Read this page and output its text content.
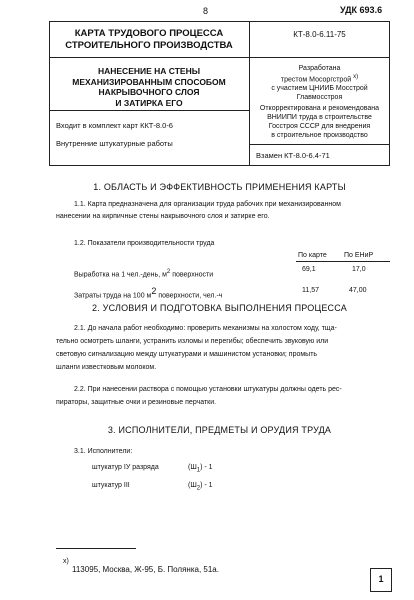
8	УДК 693.6
КАРТА ТРУДОВОГО ПРОЦЕССА
СТРОИТЕЛЬНОГО ПРОИЗВОДСТВА
КТ-8.0-6.11-75
НАНЕСЕНИЕ НА СТЕНЫ
МЕХАНИЗИРОВАННЫМ СПОСОБОМ
НАКРЫВОЧНОГО СЛОЯ
И ЗАТИРКА ЕГО
Разработана
трестом Мосоргстрой $^{х)}$
с участием ЦНИИБ Мосстрой
Главмосстроя
Входит в комплект карт ККТ-8.0-6
Внутренние штукатурные работы
Откорректирована и рекомендована
ВНИИПИ труда в строительстве
Госстроя СССР для внедрения
в строительное производство
Взамен КТ-8.0-6.4-71
1. ОБЛАСТЬ И ЭФФЕКТИВНОСТЬ ПРИМЕНЕНИЯ КАРТЫ
1.1. Карта предназначена для организации труда рабочих при механизированном
нанесении на кирпичные стены накрывочного слоя и затирке его.
1.2. Показатели производительности труда
По карте По ЕНиР
Выработка на 1 чел.-день, $м^2$ поверхности
69,1	17,0
Затраты труда на 100 $м^2$ поверхности, чел.-ч
11,57	47,00
2. УСЛОВИЯ И ПОДГОТОВКА ВЫПОЛНЕНИЯ ПРОЦЕССА
2.1. До начала работ необходимо: проверить механизмы на холостом ходу, тща-
тельно осмотреть шланги, устранить изломы и перегибы; обеспечить звуковую или
световую сигнализацию между штукатурами и машинистом установки; промыть
шланги известковым молоком.
2.2. При нанесении раствора с помощью установки штукатуры должны одеть рес-
пираторы, защитные очки и резиновые перчатки.
3. ИСПОЛНИТЕЛИ, ПРЕДМЕТЫ И ОРУДИЯ ТРУДА
3.1. Исполнители:
штукатур IУ разряда	$(Ш_1) - 1$
штукатур III	$(Ш_2) - 1$
х)
113095, Москва, Ж-95, Б. Полянка, 51а.
1
